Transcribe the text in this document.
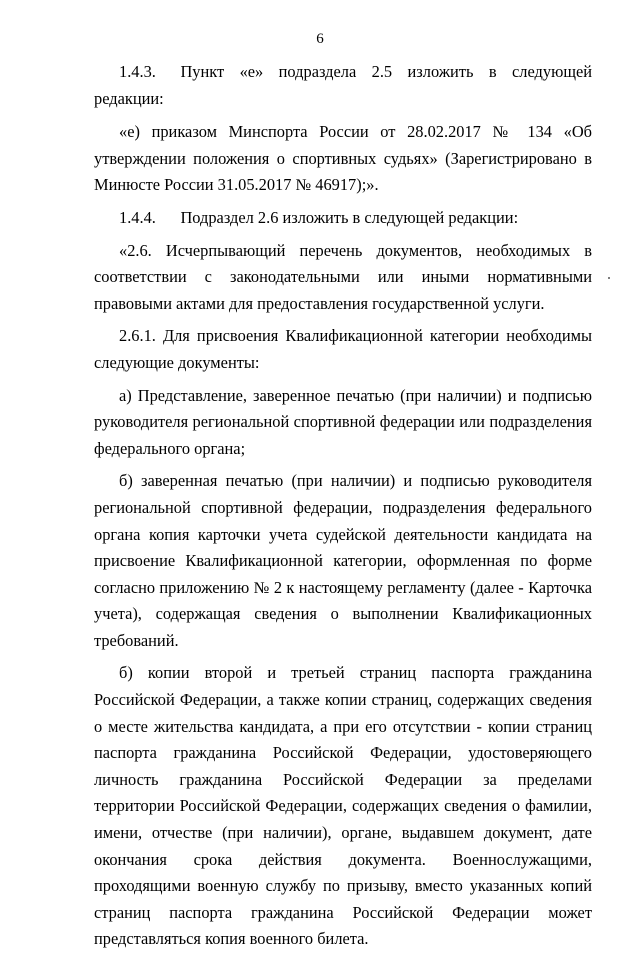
6

1.4.3.  Пункт «е» подраздела 2.5 изложить в следующей редакции:

«е) приказом Минспорта России от 28.02.2017 № 134 «Об утверждении положения о спортивных судьях» (Зарегистрировано в Минюсте России 31.05.2017 № 46917);».

1.4.4.  Подраздел 2.6 изложить в следующей редакции:

«2.6. Исчерпывающий перечень документов, необходимых в соответствии с законодательными или иными нормативными правовыми актами для предоставления государственной услуги.

2.6.1. Для присвоения Квалификационной категории необходимы следующие документы:

а) Представление, заверенное печатью (при наличии) и подписью руководителя региональной спортивной федерации или подразделения федерального органа;

б) заверенная печатью (при наличии) и подписью руководителя региональной спортивной федерации, подразделения федерального органа копия карточки учета судейской деятельности кандидата на присвоение Квалификационной категории, оформленная по форме согласно приложению № 2 к настоящему регламенту (далее - Карточка учета), содержащая сведения о выполнении Квалификационных требований.

б) копии второй и третьей страниц паспорта гражданина Российской Федерации, а также копии страниц, содержащих сведения о месте жительства кандидата, а при его отсутствии - копии страниц паспорта гражданина Российской Федерации, удостоверяющего личность гражданина Российской Федерации за пределами территории Российской Федерации, содержащих сведения о фамилии, имени, отчестве (при наличии), органе, выдавшем документ, дате окончания срока действия документа. Военнослужащими, проходящими военную службу по призыву, вместо указанных копий страниц паспорта гражданина Российской Федерации может представляться копия военного билета.
